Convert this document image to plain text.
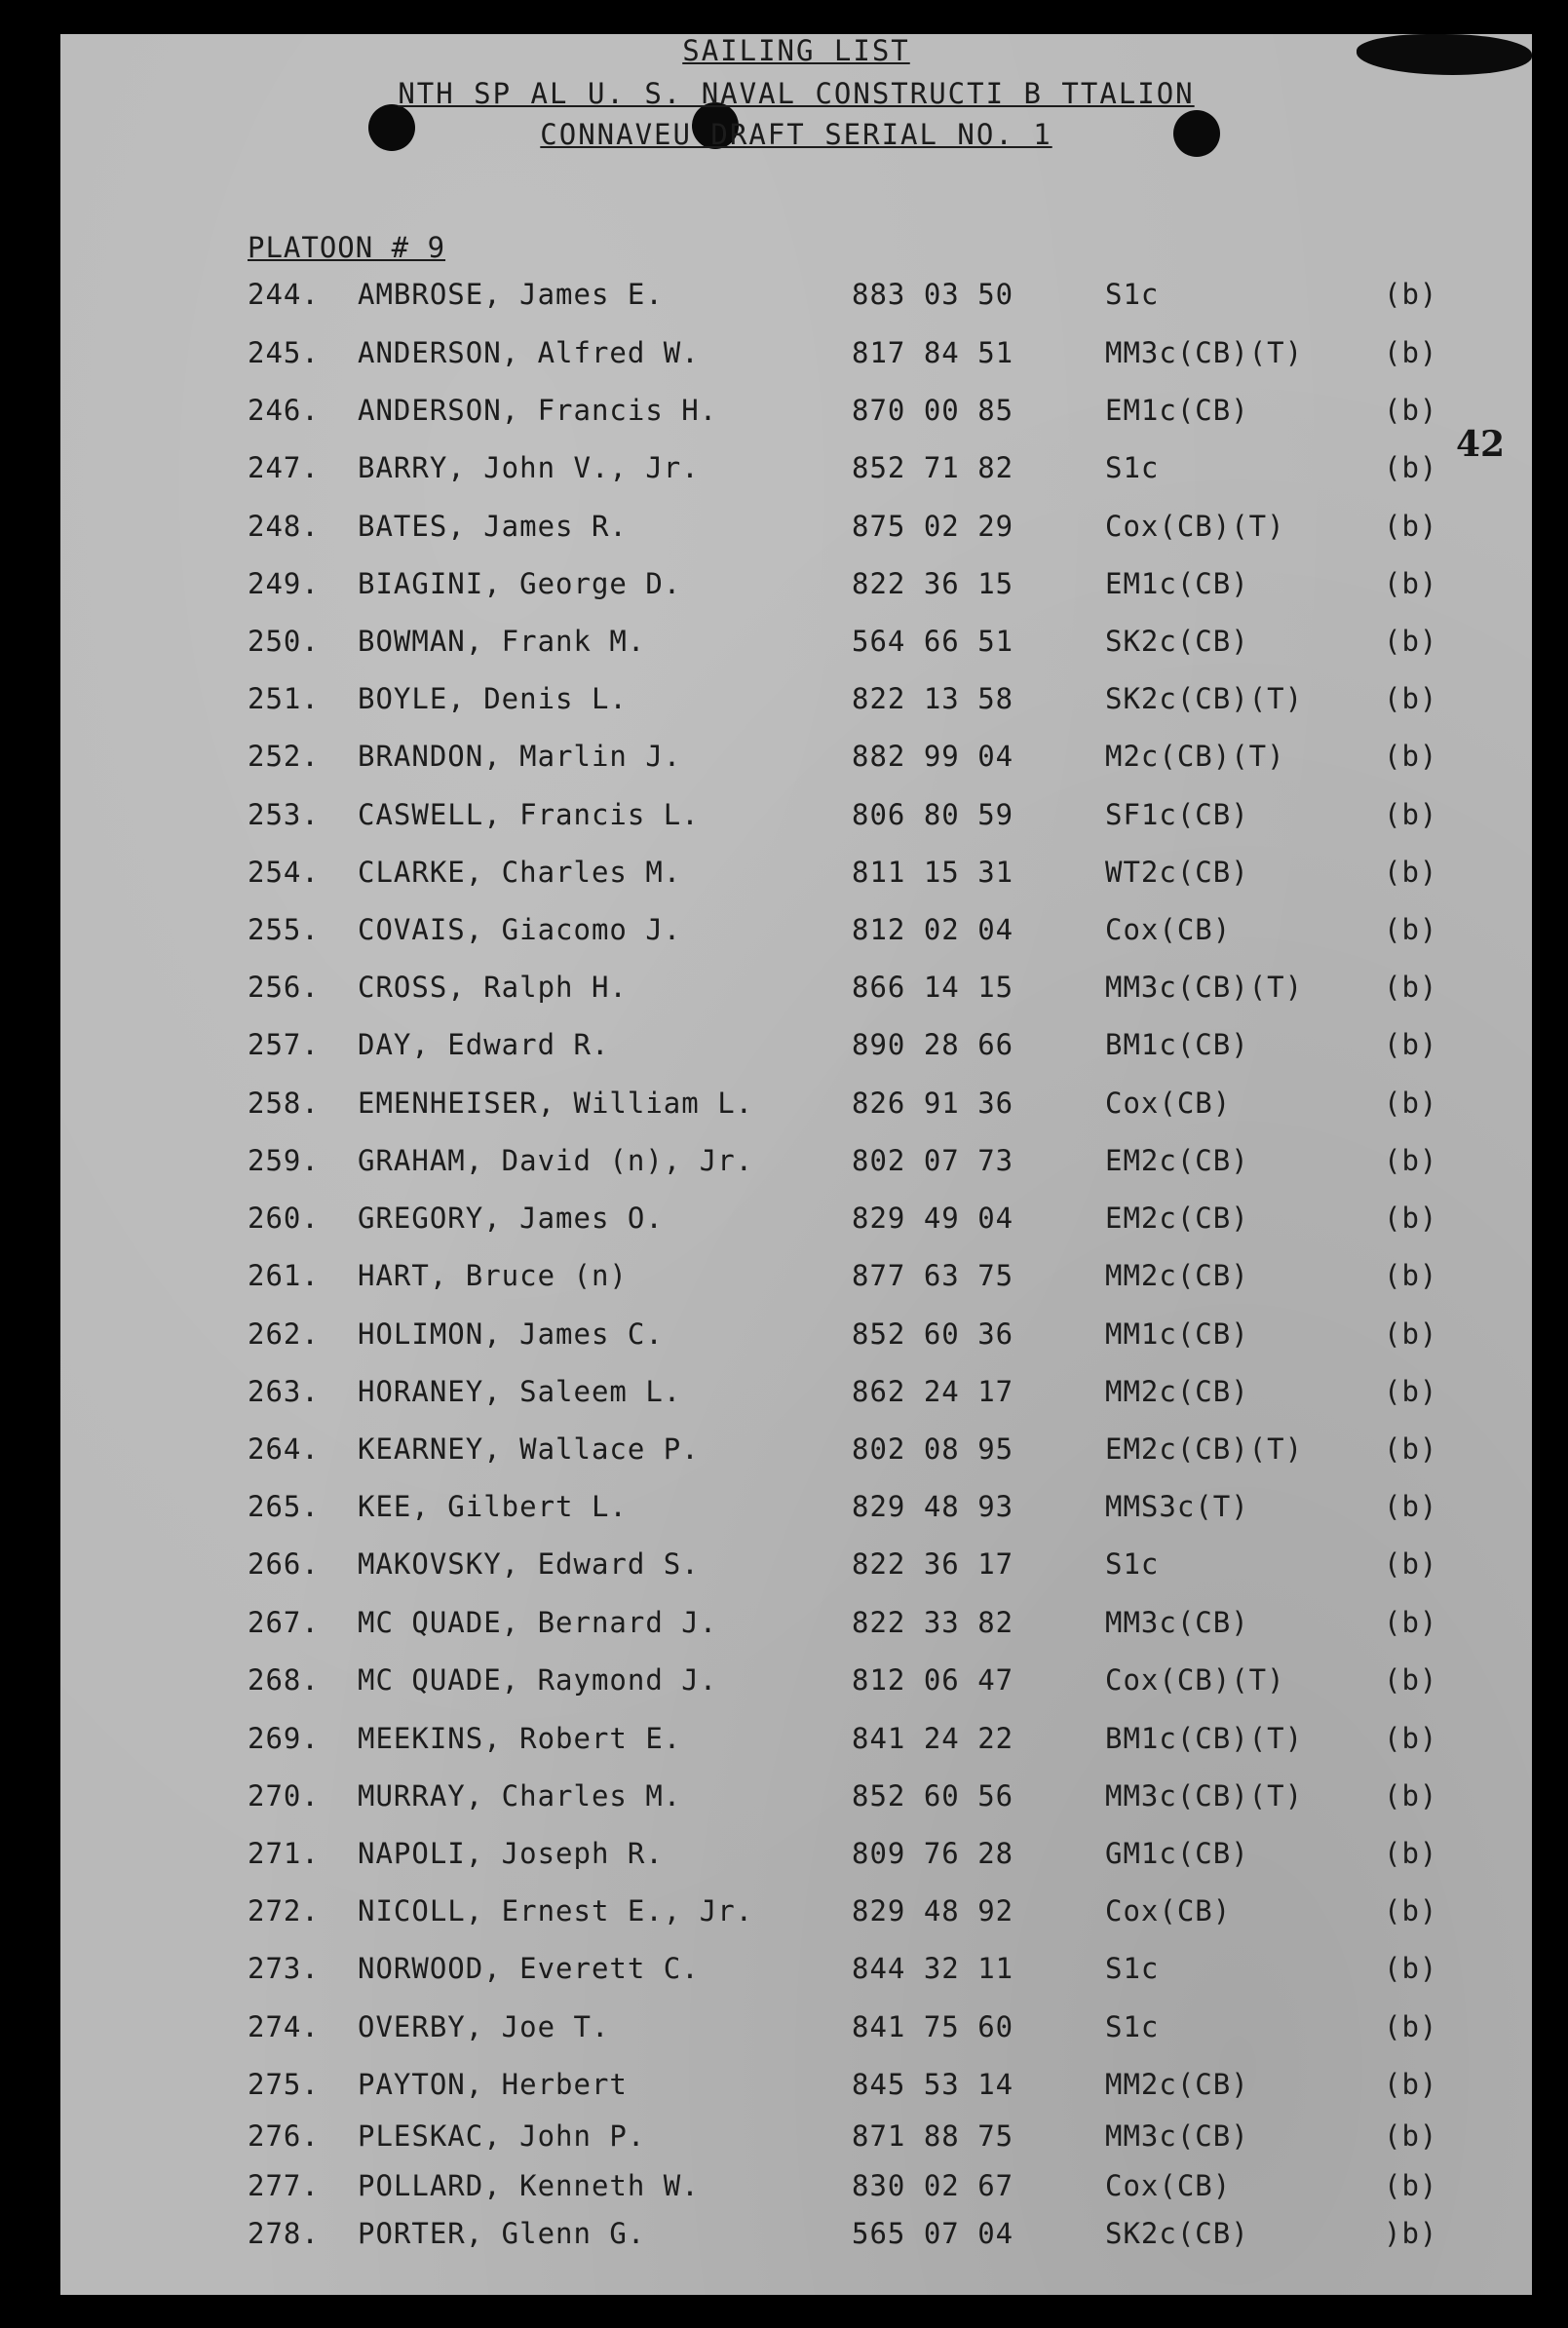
SAILING LIST
NTH SP AL U. S. NAVAL CONSTRUCTI B TTALION
CONNAVEU DRAFT SERIAL NO. 1
42
PLATOON # 9
244. AMBROSE, James E.	883 03 50	S1c	(b)
245. ANDERSON, Alfred W.	817 84 51	MM3c(CB)(T)	(b)
246. ANDERSON, Francis H.	870 00 85	EM1c(CB)	(b)
247. BARRY, John V., Jr.	852 71 82	S1c	(b)
248. BATES, James R.	875 02 29	Cox(CB)(T)	(b)
249. BIAGINI, George D.	822 36 15	EM1c(CB)	(b)
250. BOWMAN, Frank M.	564 66 51	SK2c(CB)	(b)
251. BOYLE, Denis L.	822 13 58	SK2c(CB)(T)	(b)
252. BRANDON, Marlin J.	882 99 04	M2c(CB)(T)	(b)
253. CASWELL, Francis L.	806 80 59	SF1c(CB)	(b)
254. CLARKE, Charles M.	811 15 31	WT2c(CB)	(b)
255. COVAIS, Giacomo J.	812 02 04	Cox(CB)	(b)
256. CROSS, Ralph H.	866 14 15	MM3c(CB)(T)	(b)
257. DAY, Edward R.	890 28 66	BM1c(CB)	(b)
258. EMENHEISER, William L.	826 91 36	Cox(CB)	(b)
259. GRAHAM, David (n), Jr.	802 07 73	EM2c(CB)	(b)
260. GREGORY, James O.	829 49 04	EM2c(CB)	(b)
261. HART, Bruce (n)	877 63 75	MM2c(CB)	(b)
262. HOLIMON, James C.	852 60 36	MM1c(CB)	(b)
263. HORANEY, Saleem L.	862 24 17	MM2c(CB)	(b)
264. KEARNEY, Wallace P.	802 08 95	EM2c(CB)(T)	(b)
265. KEE, Gilbert L.	829 48 93	MMS3c(T)	(b)
266. MAKOVSKY, Edward S.	822 36 17	S1c	(b)
267. MC QUADE, Bernard J.	822 33 82	MM3c(CB)	(b)
268. MC QUADE, Raymond J.	812 06 47	Cox(CB)(T)	(b)
269. MEEKINS, Robert E.	841 24 22	BM1c(CB)(T)	(b)
270. MURRAY, Charles M.	852 60 56	MM3c(CB)(T)	(b)
271. NAPOLI, Joseph R.	809 76 28	GM1c(CB)	(b)
272. NICOLL, Ernest E., Jr.	829 48 92	Cox(CB)	(b)
273. NORWOOD, Everett C.	844 32 11	S1c	(b)
274. OVERBY, Joe T.	841 75 60	S1c	(b)
275. PAYTON, Herbert	845 53 14	MM2c(CB)	(b)
276. PLESKAC, John P.	871 88 75	MM3c(CB)	(b)
277. POLLARD, Kenneth W.	830 02 67	Cox(CB)	(b)
278. PORTER, Glenn G.	565 07 04	SK2c(CB)	)b)
